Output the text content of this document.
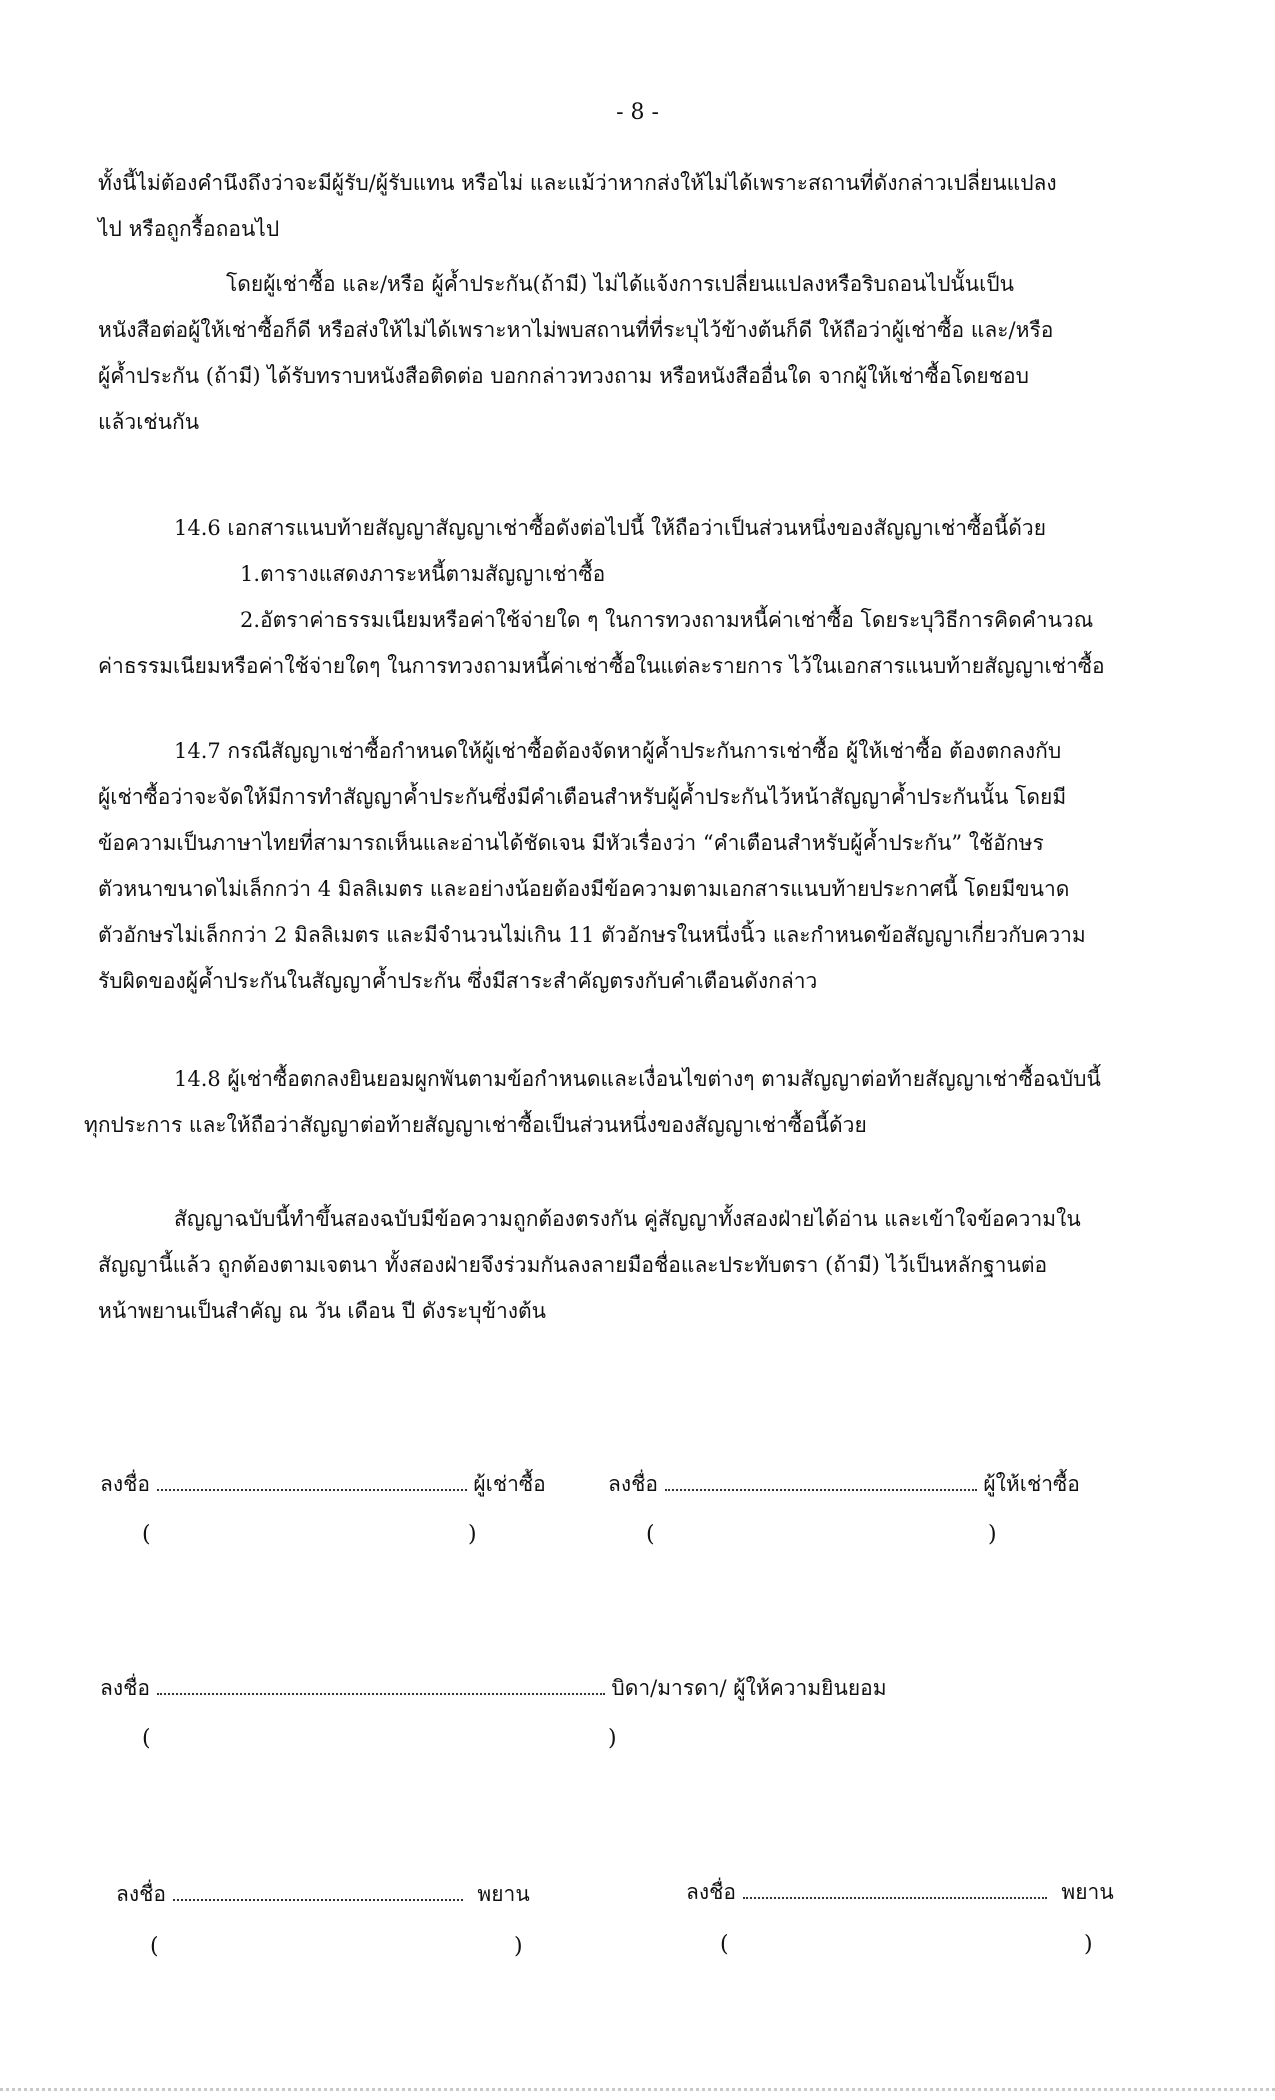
- 8 -
ทั้งนี้ไม่ต้องคำนึงถึงว่าจะมีผู้รับ/ผู้รับแทน หรือไม่ และแม้ว่าหากส่งให้ไม่ได้เพราะสถานที่ดังกล่าวเปลี่ยนแปลง
ไป หรือถูกรื้อถอนไป
โดยผู้เช่าซื้อ และ/หรือ ผู้ค้ำประกัน(ถ้ามี) ไม่ได้แจ้งการเปลี่ยนแปลงหรือริบถอนไปนั้นเป็น
หนังสือต่อผู้ให้เช่าซื้อก็ดี หรือส่งให้ไม่ได้เพราะหาไม่พบสถานที่ที่ระบุไว้ข้างต้นก็ดี ให้ถือว่าผู้เช่าซื้อ และ/หรือ
ผู้ค้ำประกัน (ถ้ามี) ได้รับทราบหนังสือติดต่อ บอกกล่าวทวงถาม หรือหนังสืออื่นใด จากผู้ให้เช่าซื้อโดยชอบ
แล้วเช่นกัน
14.6 เอกสารแนบท้ายสัญญาสัญญาเช่าซื้อดังต่อไปนี้ ให้ถือว่าเป็นส่วนหนึ่งของสัญญาเช่าซื้อนี้ด้วย
1.ตารางแสดงภาระหนี้ตามสัญญาเช่าซื้อ
2.อัตราค่าธรรมเนียมหรือค่าใช้จ่ายใด ๆ ในการทวงถามหนี้ค่าเช่าซื้อ โดยระบุวิธีการคิดคำนวณ
ค่าธรรมเนียมหรือค่าใช้จ่ายใดๆ ในการทวงถามหนี้ค่าเช่าซื้อในแต่ละรายการ ไว้ในเอกสารแนบท้ายสัญญาเช่าซื้อ
14.7 กรณีสัญญาเช่าซื้อกำหนดให้ผู้เช่าซื้อต้องจัดหาผู้ค้ำประกันการเช่าซื้อ ผู้ให้เช่าซื้อ ต้องตกลงกับ
ผู้เช่าซื้อว่าจะจัดให้มีการทำสัญญาค้ำประกันซึ่งมีคำเตือนสำหรับผู้ค้ำประกันไว้หน้าสัญญาค้ำประกันนั้น โดยมี
ข้อความเป็นภาษาไทยที่สามารถเห็นและอ่านได้ชัดเจน มีหัวเรื่องว่า “คำเตือนสำหรับผู้ค้ำประกัน” ใช้อักษร
ตัวหนาขนาดไม่เล็กกว่า 4 มิลลิเมตร และอย่างน้อยต้องมีข้อความตามเอกสารแนบท้ายประกาศนี้ โดยมีขนาด
ตัวอักษรไม่เล็กกว่า 2 มิลลิเมตร และมีจำนวนไม่เกิน 11 ตัวอักษรในหนึ่งนิ้ว และกำหนดข้อสัญญาเกี่ยวกับความ
รับผิดของผู้ค้ำประกันในสัญญาค้ำประกัน ซึ่งมีสาระสำคัญตรงกับคำเตือนดังกล่าว
14.8 ผู้เช่าซื้อตกลงยินยอมผูกพันตามข้อกำหนดและเงื่อนไขต่างๆ ตามสัญญาต่อท้ายสัญญาเช่าซื้อฉบับนี้
ทุกประการ และให้ถือว่าสัญญาต่อท้ายสัญญาเช่าซื้อเป็นส่วนหนึ่งของสัญญาเช่าซื้อนี้ด้วย
สัญญาฉบับนี้ทำขึ้นสองฉบับมีข้อความถูกต้องตรงกัน คู่สัญญาทั้งสองฝ่ายได้อ่าน และเข้าใจข้อความใน
สัญญานี้แล้ว ถูกต้องตามเจตนา ทั้งสองฝ่ายจึงร่วมกันลงลายมือชื่อและประทับตรา (ถ้ามี) ไว้เป็นหลักฐานต่อ
หน้าพยานเป็นสำคัญ ณ วัน เดือน ปี ดังระบุข้างต้น
ลงชื่อ	ผู้เช่าซื้อ	ลงชื่อ	ผู้ให้เช่าซื้อ
(	)	(	)
ลงชื่อ	บิดา/มารดา/ ผู้ให้ความยินยอม
(	)
ลงชื่อ	พยาน	ลงชื่อ	พยาน
(	)	(	)
